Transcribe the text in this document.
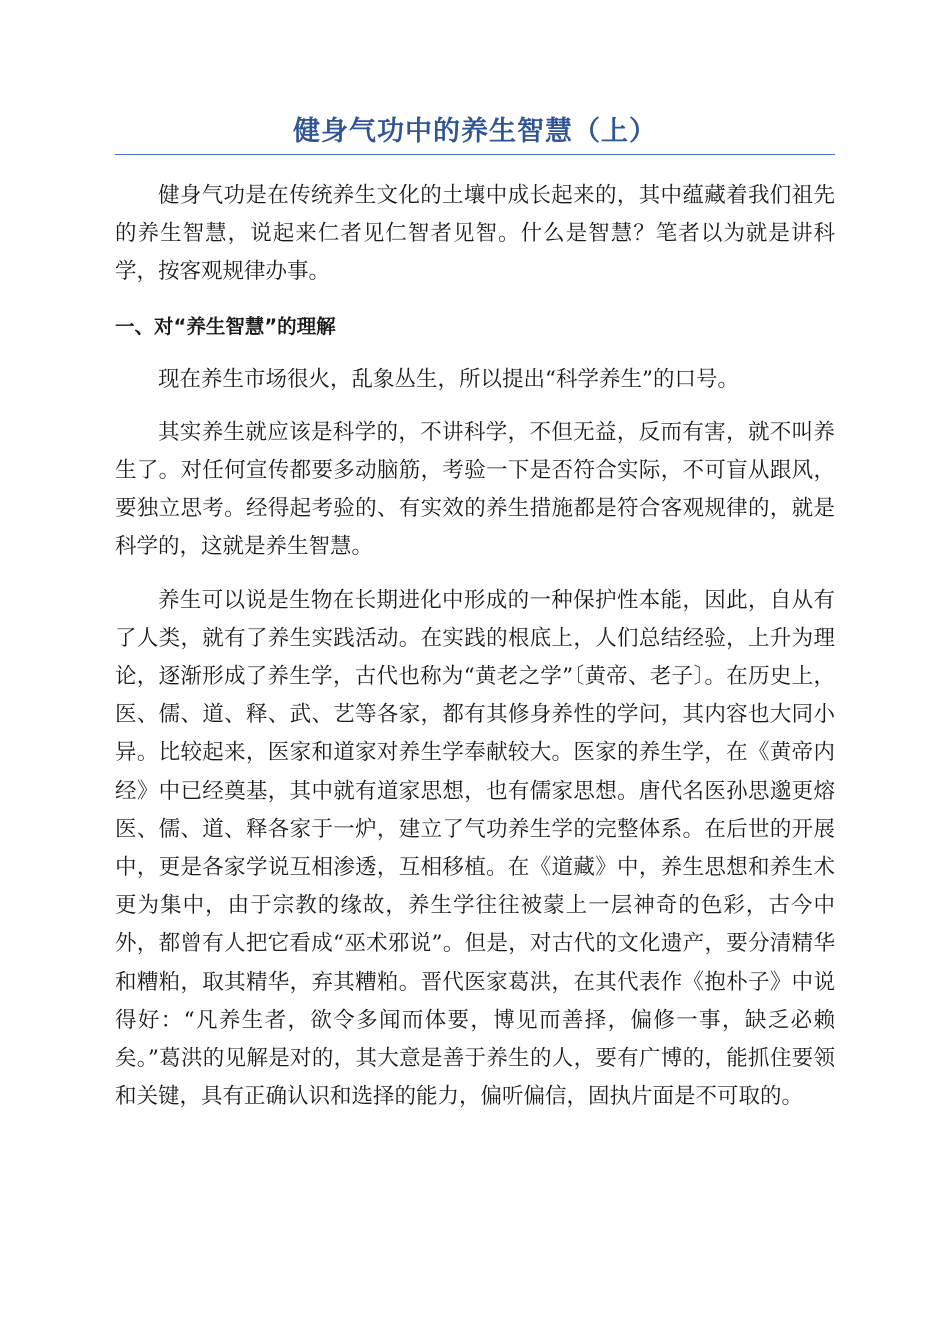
健身气功中的养生智慧（上）

健身气功是在传统养生文化的土壤中成长起来的，其中蕴藏着我们祖先的养生智慧，说起来仁者见仁智者见智。什么是智慧？笔者以为就是讲科学，按客观规律办事。

一、对“养生智慧”的理解

现在养生市场很火，乱象丛生，所以提出“科学养生”的口号。

其实养生就应该是科学的，不讲科学，不但无益，反而有害，就不叫养生了。对任何宣传都要多动脑筋，考验一下是否符合实际，不可盲从跟风，要独立思考。经得起考验的、有实效的养生措施都是符合客观规律的，就是科学的，这就是养生智慧。

养生可以说是生物在长期进化中形成的一种保护性本能，因此，自从有了人类，就有了养生实践活动。在实践的根底上，人们总结经验，上升为理论，逐渐形成了养生学，古代也称为“黄老之学”〔黄帝、老子〕。在历史上，医、儒、道、释、武、艺等各家，都有其修身养性的学问，其内容也大同小异。比较起来，医家和道家对养生学奉献较大。医家的养生学，在《黄帝内经》中已经奠基，其中就有道家思想，也有儒家思想。唐代名医孙思邈更熔医、儒、道、释各家于一炉，建立了气功养生学的完整体系。在后世的开展中，更是各家学说互相渗透，互相移植。在《道藏》中，养生思想和养生术更为集中，由于宗教的缘故，养生学往往被蒙上一层神奇的色彩，古今中外，都曾有人把它看成“巫术邪说”。但是，对古代的文化遗产，要分清精华和糟粕，取其精华，弃其糟粕。晋代医家葛洪，在其代表作《抱朴子》中说得好：“凡养生者，欲令多闻而体要，博见而善择，偏修一事，缺乏必赖矣。”葛洪的见解是对的，其大意是善于养生的人，要有广博的，能抓住要领和关键，具有正确认识和选择的能力，偏听偏信，固执片面是不可取的。
